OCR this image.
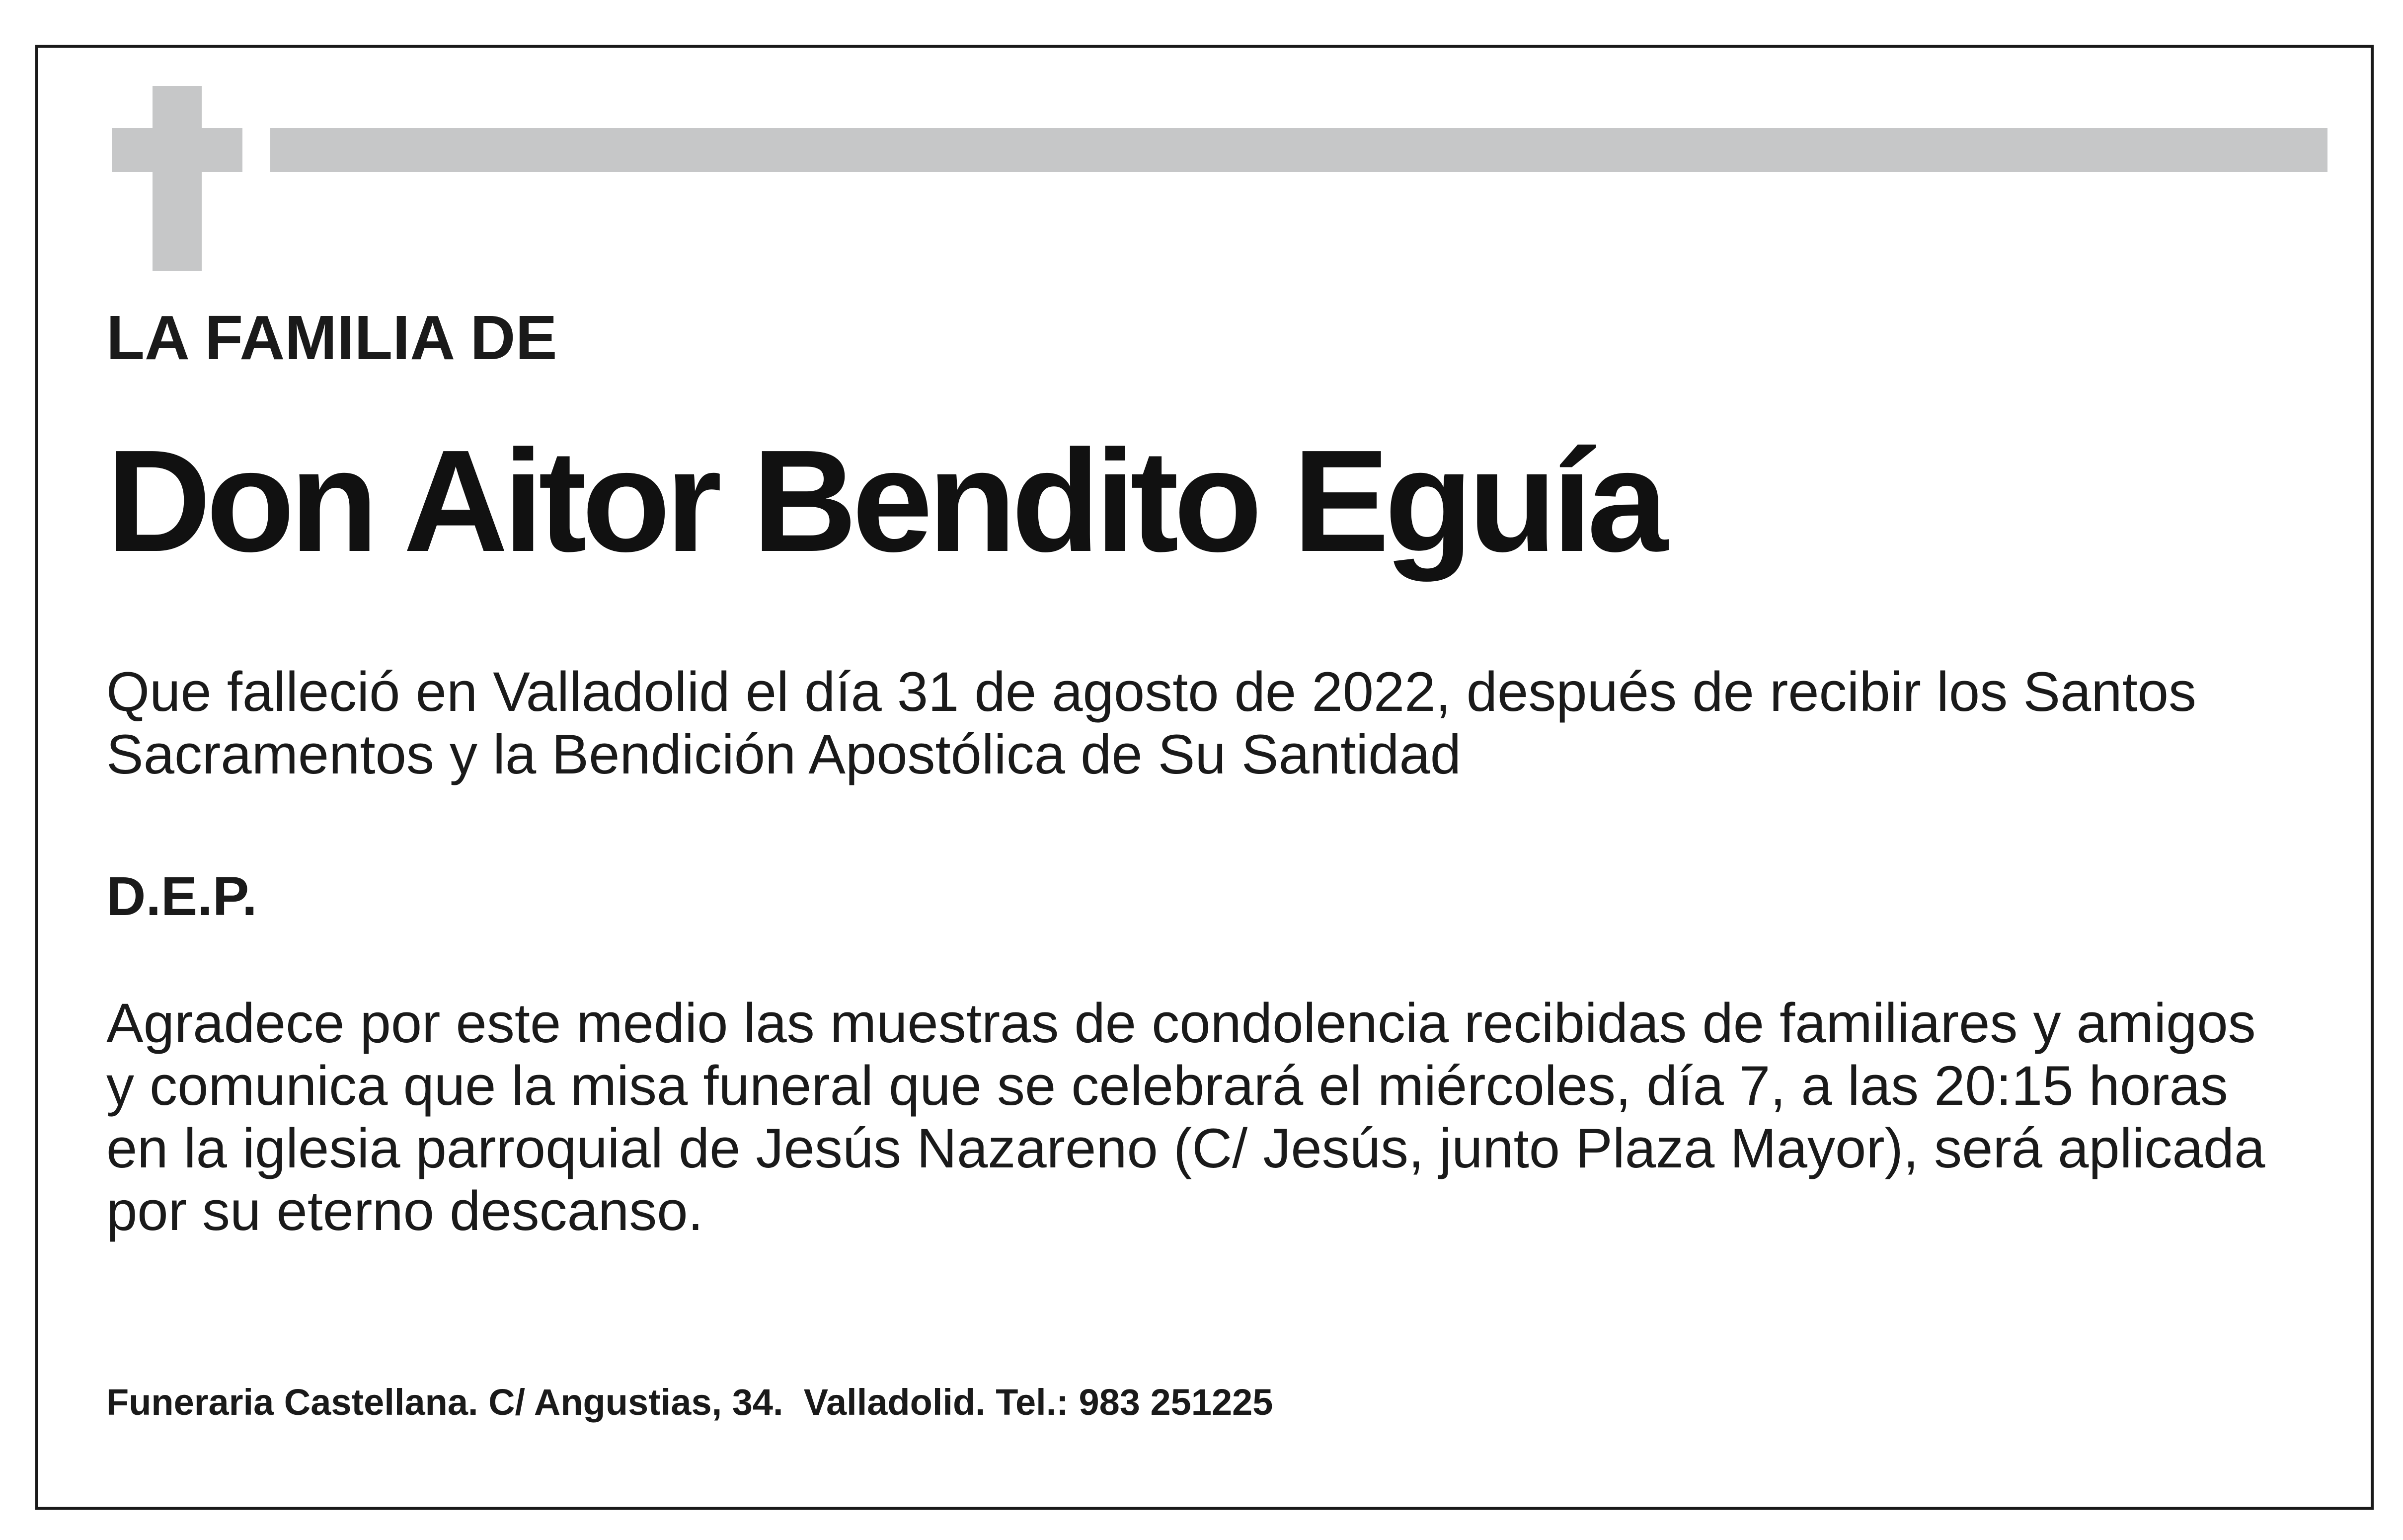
LA FAMILIA DE

Don Aitor Bendito Eguía

Que falleció en Valladolid el día 31 de agosto de 2022, después de recibir los Santos
Sacramentos y la Bendición Apostólica de Su Santidad

D.E.P.

Agradece por este medio las muestras de condolencia recibidas de familiares y amigos
y comunica que la misa funeral que se celebrará el miércoles, día 7, a las 20:15 horas
en la iglesia parroquial de Jesús Nazareno (C/ Jesús, junto Plaza Mayor), será aplicada
por su eterno descanso.

Funeraria Castellana. C/ Angustias, 34.  Valladolid. Tel.: 983 251225
